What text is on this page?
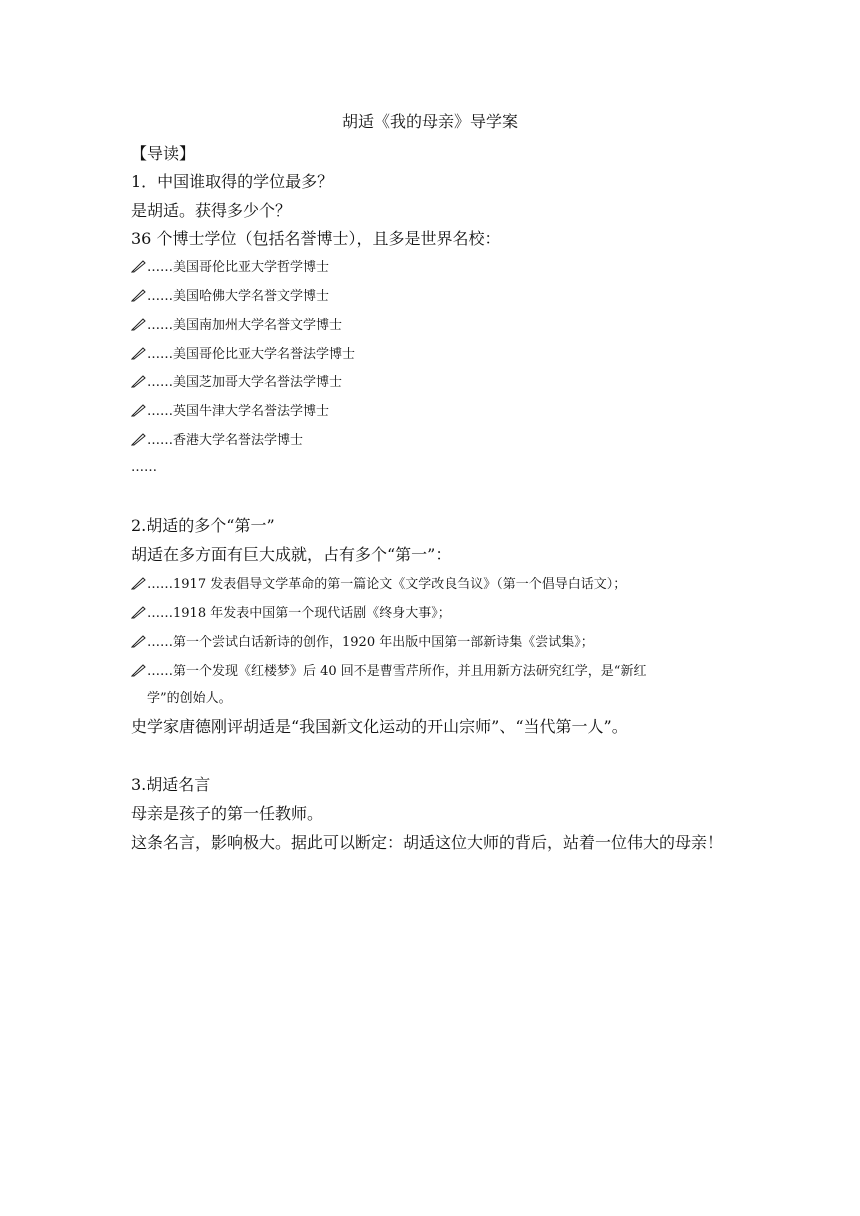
胡适《我的母亲》导学案
【导读】
1．中国谁取得的学位最多？
是胡适。获得多少个？
36 个博士学位（包括名誉博士），且多是世界名校：
……美国哥伦比亚大学哲学博士
……美国哈佛大学名誉文学博士
……美国南加州大学名誉文学博士
……美国哥伦比亚大学名誉法学博士
……美国芝加哥大学名誉法学博士
……英国牛津大学名誉法学博士
……香港大学名誉法学博士
……
2.胡适的多个“第一”
胡适在多方面有巨大成就，占有多个“第一”：
……1917 发表倡导文学革命的第一篇论文《文学改良刍议》（第一个倡导白话文）；
……1918 年发表中国第一个现代话剧《终身大事》；
……第一个尝试白话新诗的创作，1920 年出版中国第一部新诗集《尝试集》；
……第一个发现《红楼梦》后 40 回不是曹雪芹所作，并且用新方法研究红学，是“新红
学”的创始人。
史学家唐德刚评胡适是“我国新文化运动的开山宗师”、“当代第一人”。
3.胡适名言
母亲是孩子的第一任教师。
这条名言，影响极大。据此可以断定：胡适这位大师的背后，站着一位伟大的母亲！
